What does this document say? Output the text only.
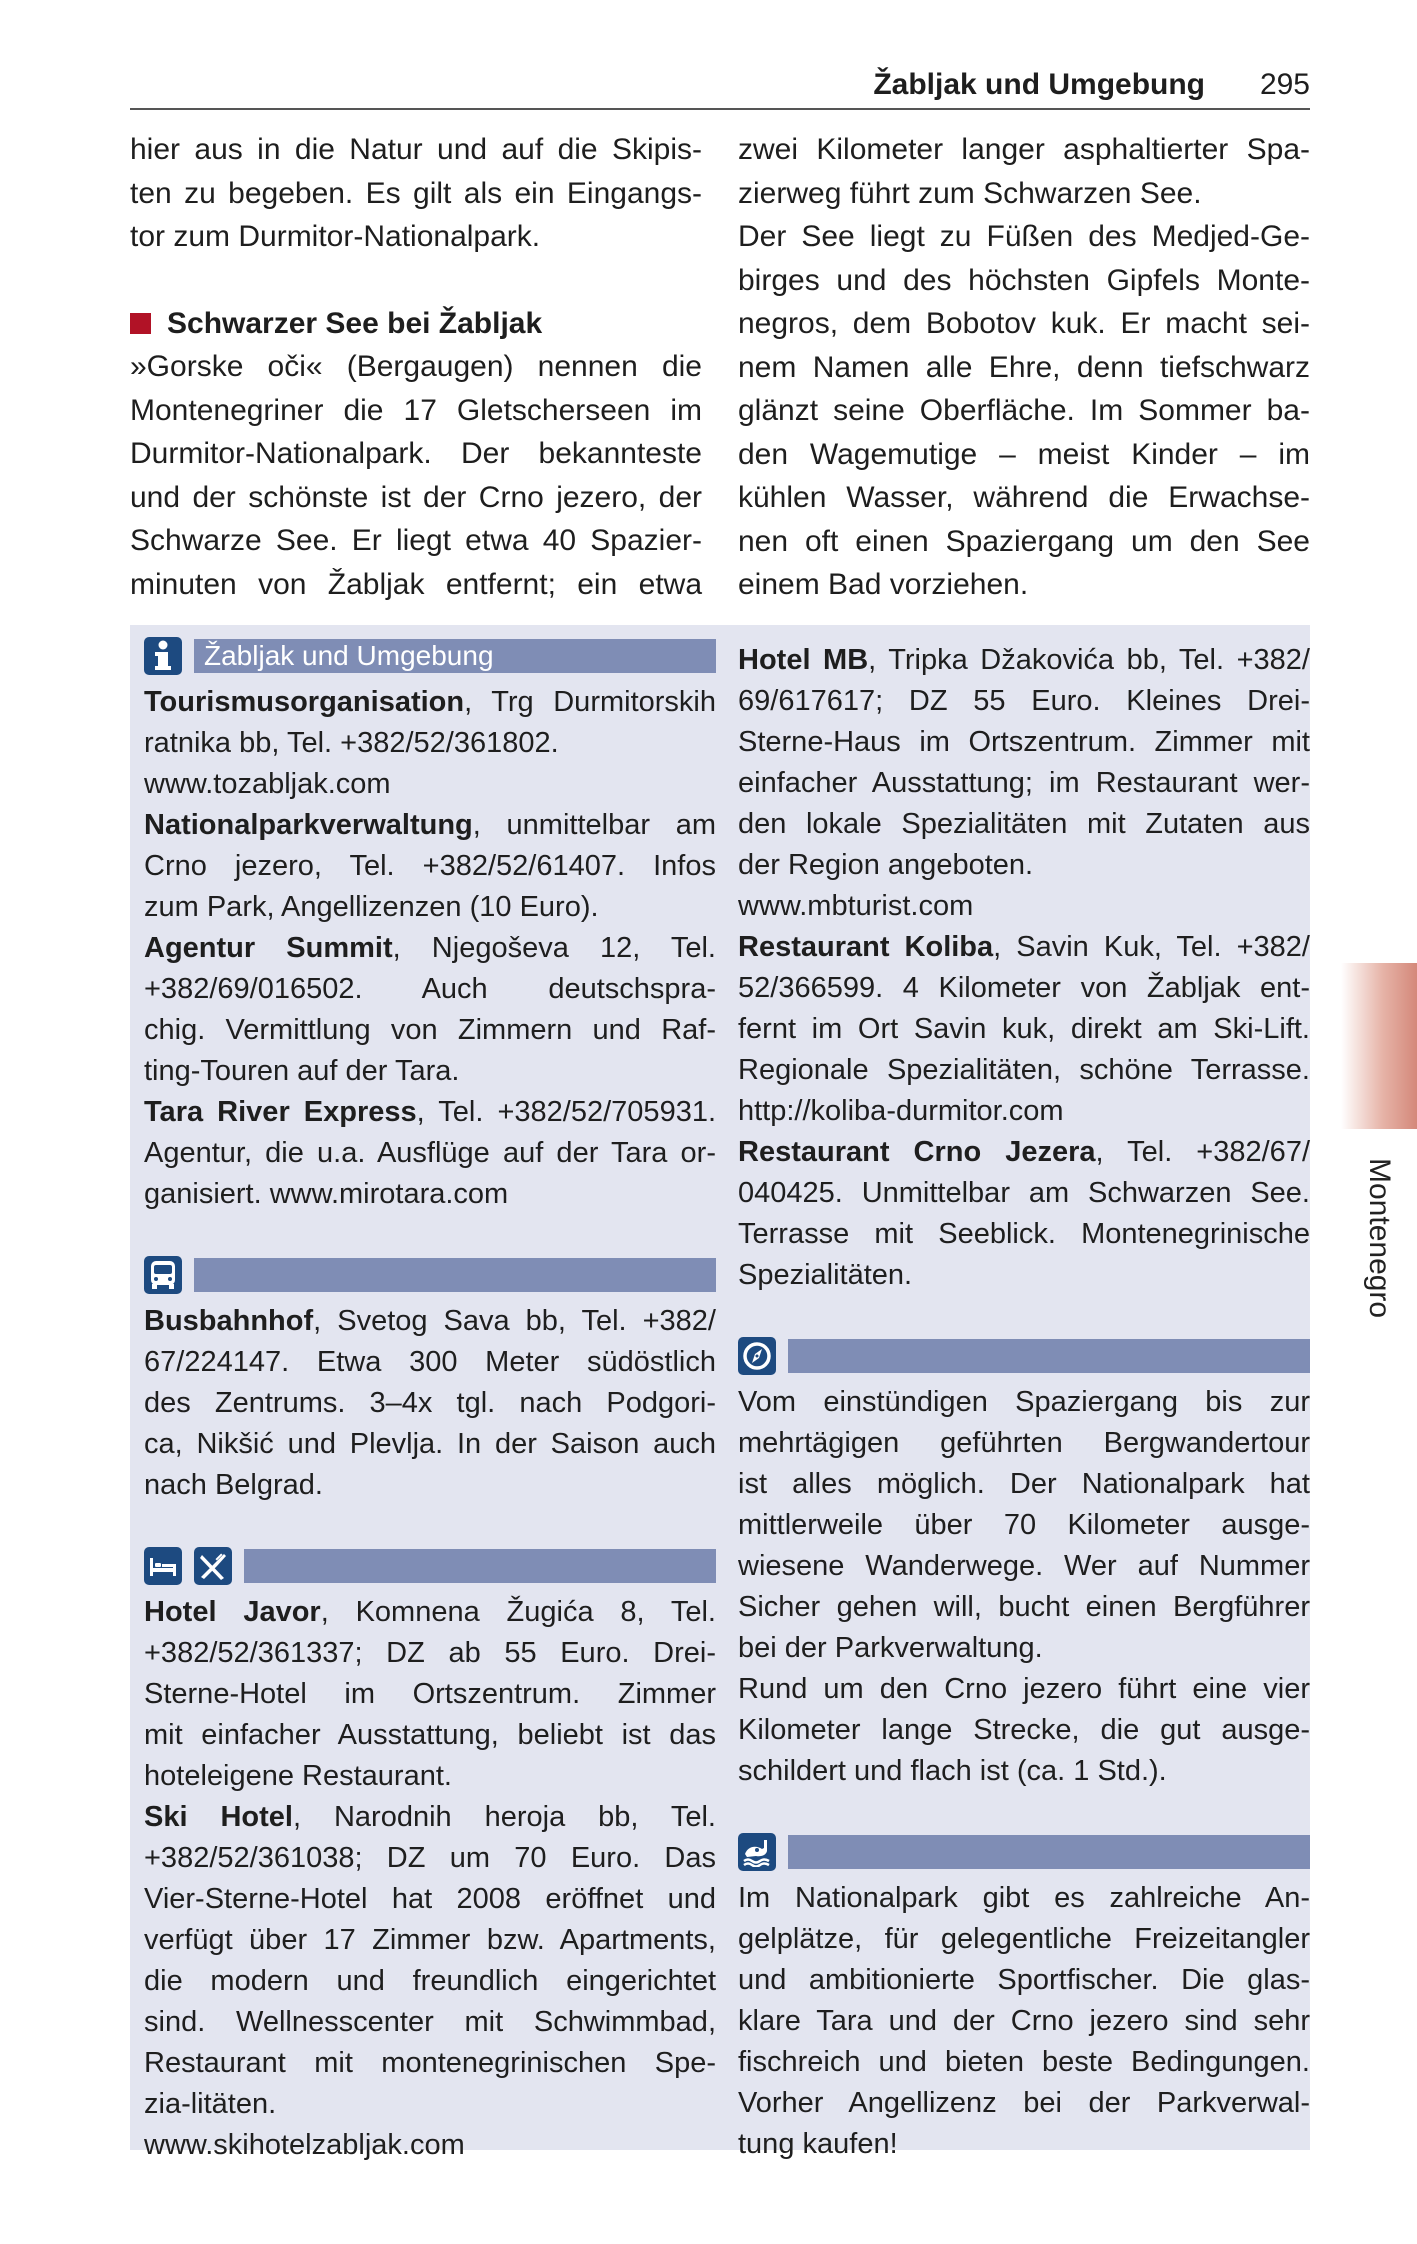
Žabljak und Umgebung 295
Montenegro
hier aus in die Natur und auf die Skipis-
ten zu begeben. Es gilt als ein Eingangs-
tor zum Durmitor-Nationalpark.
Schwarzer See bei Žabljak
»Gorske oči« (Bergaugen) nennen die
Montenegriner die 17 Gletscherseen im
Durmitor-Nationalpark. Der bekannteste
und der schönste ist der Crno jezero, der
Schwarze See. Er liegt etwa 40 Spazier-
minuten von Žabljak entfernt; ein etwa
zwei Kilometer langer asphaltierter Spa-
zierweg führt zum Schwarzen See.
Der See liegt zu Füßen des Medjed-Ge-
birges und des höchsten Gipfels Monte-
negros, dem Bobotov kuk. Er macht sei-
nem Namen alle Ehre, denn tiefschwarz
glänzt seine Oberfläche. Im Sommer ba-
den Wagemutige – meist Kinder – im
kühlen Wasser, während die Erwachse-
nen oft einen Spaziergang um den See
einem Bad vorziehen.
Žabljak und Umgebung
Tourismusorganisation, Trg Durmitorskih
ratnika bb, Tel. +382/52/361802.
www.tozabljak.com
Nationalparkverwaltung, unmittelbar am
Crno jezero, Tel. +382/52/61407. Infos
zum Park, Angellizenzen (10 Euro).
Agentur Summit, Njegoševa 12, Tel.
+382/69/016502. Auch deutschspra-
chig. Vermittlung von Zimmern und Raf-
ting-Touren auf der Tara.
Tara River Express, Tel. +382/52/705931.
Agentur, die u.a. Ausflüge auf der Tara or-
ganisiert. www.mirotara.com
Busbahnhof, Svetog Sava bb, Tel. +382/
67/224147. Etwa 300 Meter südöstlich
des Zentrums. 3–4x tgl. nach Podgori-
ca, Nikšić und Plevlja. In der Saison auch
nach Belgrad.
Hotel Javor, Komnena Žugića 8, Tel.
+382/52/361337; DZ ab 55 Euro. Drei-
Sterne-Hotel im Ortszentrum. Zimmer
mit einfacher Ausstattung, beliebt ist das
hoteleigene Restaurant.
Ski Hotel, Narodnih heroja bb, Tel.
+382/52/361038; DZ um 70 Euro. Das
Vier-Sterne-Hotel hat 2008 eröffnet und
verfügt über 17 Zimmer bzw. Apartments,
die modern und freundlich eingerichtet
sind. Wellnesscenter mit Schwimmbad,
Restaurant mit montenegrinischen Spe-
zia-litäten.
www.skihotelzabljak.com
Hotel MB, Tripka Džakovića bb, Tel. +382/
69/617617; DZ 55 Euro. Kleines Drei-
Sterne-Haus im Ortszentrum. Zimmer mit
einfacher Ausstattung; im Restaurant wer-
den lokale Spezialitäten mit Zutaten aus
der Region angeboten.
www.mbturist.com
Restaurant Koliba, Savin Kuk, Tel. +382/
52/366599. 4 Kilometer von Žabljak ent-
fernt im Ort Savin kuk, direkt am Ski-Lift.
Regionale Spezialitäten, schöne Terrasse.
http://koliba-durmitor.com
Restaurant Crno Jezera, Tel. +382/67/
040425. Unmittelbar am Schwarzen See.
Terrasse mit Seeblick. Montenegrinische
Spezialitäten.
Vom einstündigen Spaziergang bis zur
mehrtägigen geführten Bergwandertour
ist alles möglich. Der Nationalpark hat
mittlerweile über 70 Kilometer ausge-
wiesene Wanderwege. Wer auf Nummer
Sicher gehen will, bucht einen Bergführer
bei der Parkverwaltung.
Rund um den Crno jezero führt eine vier
Kilometer lange Strecke, die gut ausge-
schildert und flach ist (ca. 1 Std.).
Im Nationalpark gibt es zahlreiche An-
gelplätze, für gelegentliche Freizeitangler
und ambitionierte Sportfischer. Die glas-
klare Tara und der Crno jezero sind sehr
fischreich und bieten beste Bedingungen.
Vorher Angellizenz bei der Parkverwal-
tung kaufen!
